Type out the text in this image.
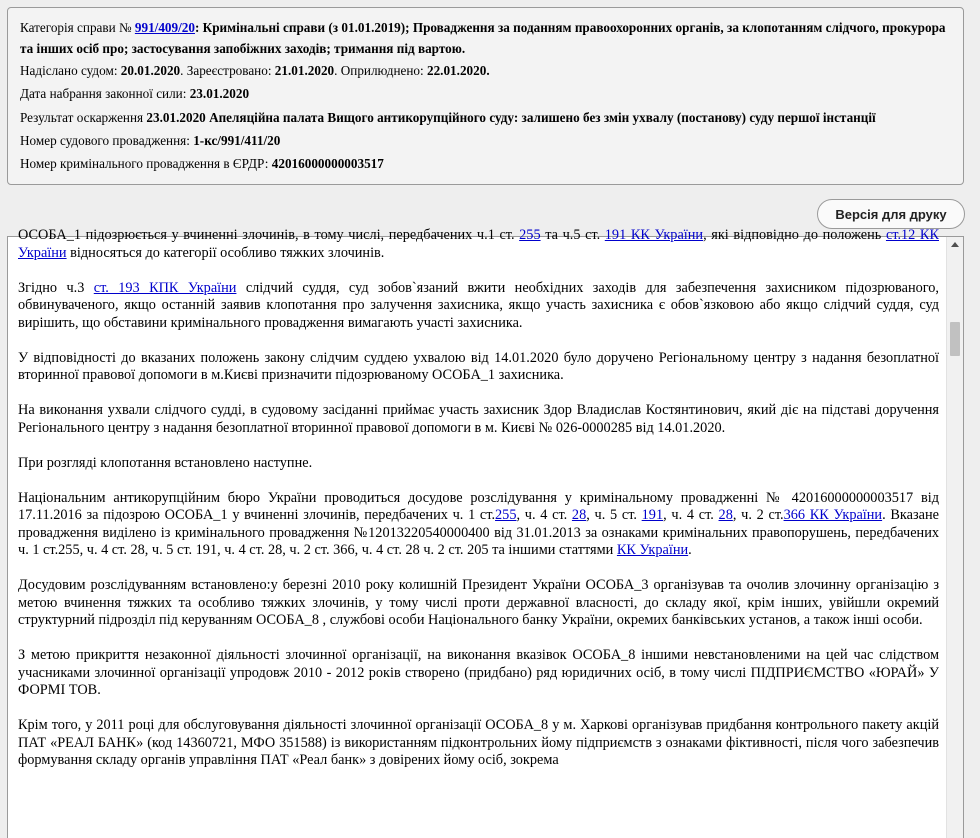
Категорія справи № 991/409/20: Кримінальні справи (з 01.01.2019); Провадження за поданням правоохоронних органів, за клопотанням слідчого, прокурора та інших осіб про; застосування запобіжних заходів; тримання під вартою.
Надіслано судом: 20.01.2020. Зареєстровано: 21.01.2020. Оприлюднено: 22.01.2020.
Дата набрання законної сили: 23.01.2020
Результат оскарження 23.01.2020 Апеляційна палата Вищого антикорупційного суду: залишено без змін ухвалу (постанову) суду першої інстанції
Номер судового провадження: 1-кс/991/411/20
Номер кримінального провадження в ЄРДР: 42016000000003517
Версія для друку

ОСОБА_1 підозрюється у вчиненні злочинів, в тому числі, передбачених ч.1 ст. 255 та ч.5 ст. 191 КК України, які відповідно до положень ст.12 КК України відносяться до категорії особливо тяжких злочинів.

Згідно ч.3 ст. 193 КПК України слідчий суддя, суд зобов`язаний вжити необхідних заходів для забезпечення захисником підозрюваного, обвинуваченого, якщо останній заявив клопотання про залучення захисника, якщо участь захисника є обов`язковою або якщо слідчий суддя, суд вирішить, що обставини кримінального провадження вимагають участі захисника.

У відповідності до вказаних положень закону слідчим суддею ухвалою від 14.01.2020 було доручено Регіональному центру з надання безоплатної вторинної правової допомоги в м.Києві призначити підозрюваному ОСОБА_1 захисника.

На виконання ухвали слідчого судді, в судовому засіданні приймає участь захисник Здор Владислав Костянтинович, який діє на підставі доручення Регіонального центру з надання безоплатної вторинної правової допомоги в м. Києві № 026-0000285 від 14.01.2020.

При розгляді клопотання встановлено наступне.

Національним антикорупційним бюро України проводиться досудове розслідування у кримінальному провадженні № 42016000000003517 від 17.11.2016 за підозрою ОСОБА_1 у вчиненні злочинів, передбачених ч. 1 ст.255, ч. 4 ст. 28, ч. 5 ст. 191, ч. 4 ст. 28, ч. 2 ст.366 КК України. Вказане провадження виділено із кримінального провадження №12013220540000400 від 31.01.2013 за ознаками кримінальних правопорушень, передбачених ч. 1 ст.255, ч. 4 ст. 28, ч. 5 ст. 191, ч. 4 ст. 28, ч. 2 ст. 366, ч. 4 ст. 28 ч. 2 ст. 205 та іншими статтями КК України.

Досудовим розслідуванням встановлено:у березні 2010 року колишній Президент України ОСОБА_3 організував та очолив злочинну організацію з метою вчинення тяжких та особливо тяжких злочинів, у тому числі проти державної власності, до складу якої, крім інших, увійшли окремий структурний підрозділ під керуванням ОСОБА_8 , службові особи Національного банку України, окремих банківських установ, а також інші особи.

З метою прикриття незаконної діяльності злочинної організації, на виконання вказівок ОСОБА_8 іншими невстановленими на цей час слідством учасниками злочинної організації упродовж 2010 - 2012 років створено (придбано) ряд юридичних осіб, в тому числі ПІДПРИЄМСТВО «ЮРАЙ» У ФОРМІ ТОВ.

Крім того, у 2011 році для обслуговування діяльності злочинної організації ОСОБА_8 у м. Харкові організував придбання контрольного пакету акцій ПАТ «РЕАЛ БАНК» (код 14360721, МФО 351588) із використанням підконтрольних йому підприємств з ознаками фіктивності, після чого забезпечив формування складу органів управління ПАТ «Реал банк» з довірених йому осіб, зокрема
